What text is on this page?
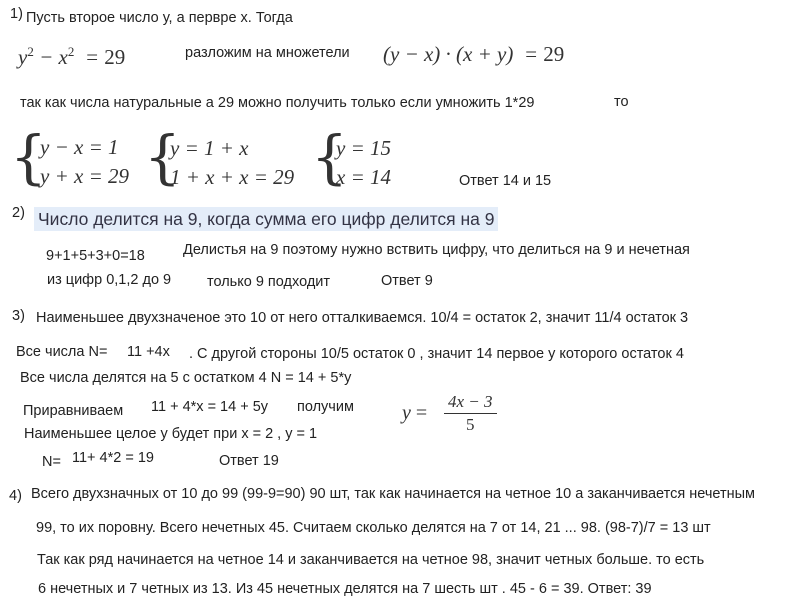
1) Пусть второе число у, а первре х. Тогда
$y^2 - x^2 = 29$	разложим на множетели (y − x) · (x + y)  = 29
так как числа натуральные а 29 можно получить только если умножить 1*29	то
{
y − x = 1
y + x = 29 {
y = 1 + x
1 + x + x = 29 {
y = 15
x = 14	Ответ 14 и 15
2) Число делится на 9, когда сумма его цифр делится на 9
9+1+5+3+0=18	Делистья на 9 поэтому нужно вствить цифру, что делиться на 9 и нечетная
из цифр 0,1,2 до 9 только 9 подходит	Ответ 9
3) Наименьшее двухзначеное это 10 от него отталкиваемся. 10/4 = остаток 2, значит 11/4 остаток 3
Все числа N= 11 +4x . С другой стороны 10/5 остаток 0 , значит 14 первое у которого остаток 4
Все числа делятся на 5 с остатком 4 N = 14 + 5*y
Приравниваем 11 + 4*x = 14 + 5y получим $y = \frac{4x - 3}{5}$
Наименьшее целое у будет при х = 2 , у = 1
N= 11+ 4*2 = 19	Ответ 19
4) Всего двухзначных от 10 до 99 (99-9=90) 90 шт, так как начинается на четное 10 а заканчивается нечетным
99, то их поровну. Всего нечетных 45. Считаем сколько делятся на 7 от 14, 21 ... 98. (98-7)/7 = 13 шт
Так как ряд начинается на четное 14 и заканчивается на четное 98, значит четных больше. то есть
6 нечетных и 7 четных из 13. Из 45 нечетных делятся на 7 шесть шт . 45 - 6 = 39. Ответ: 39
